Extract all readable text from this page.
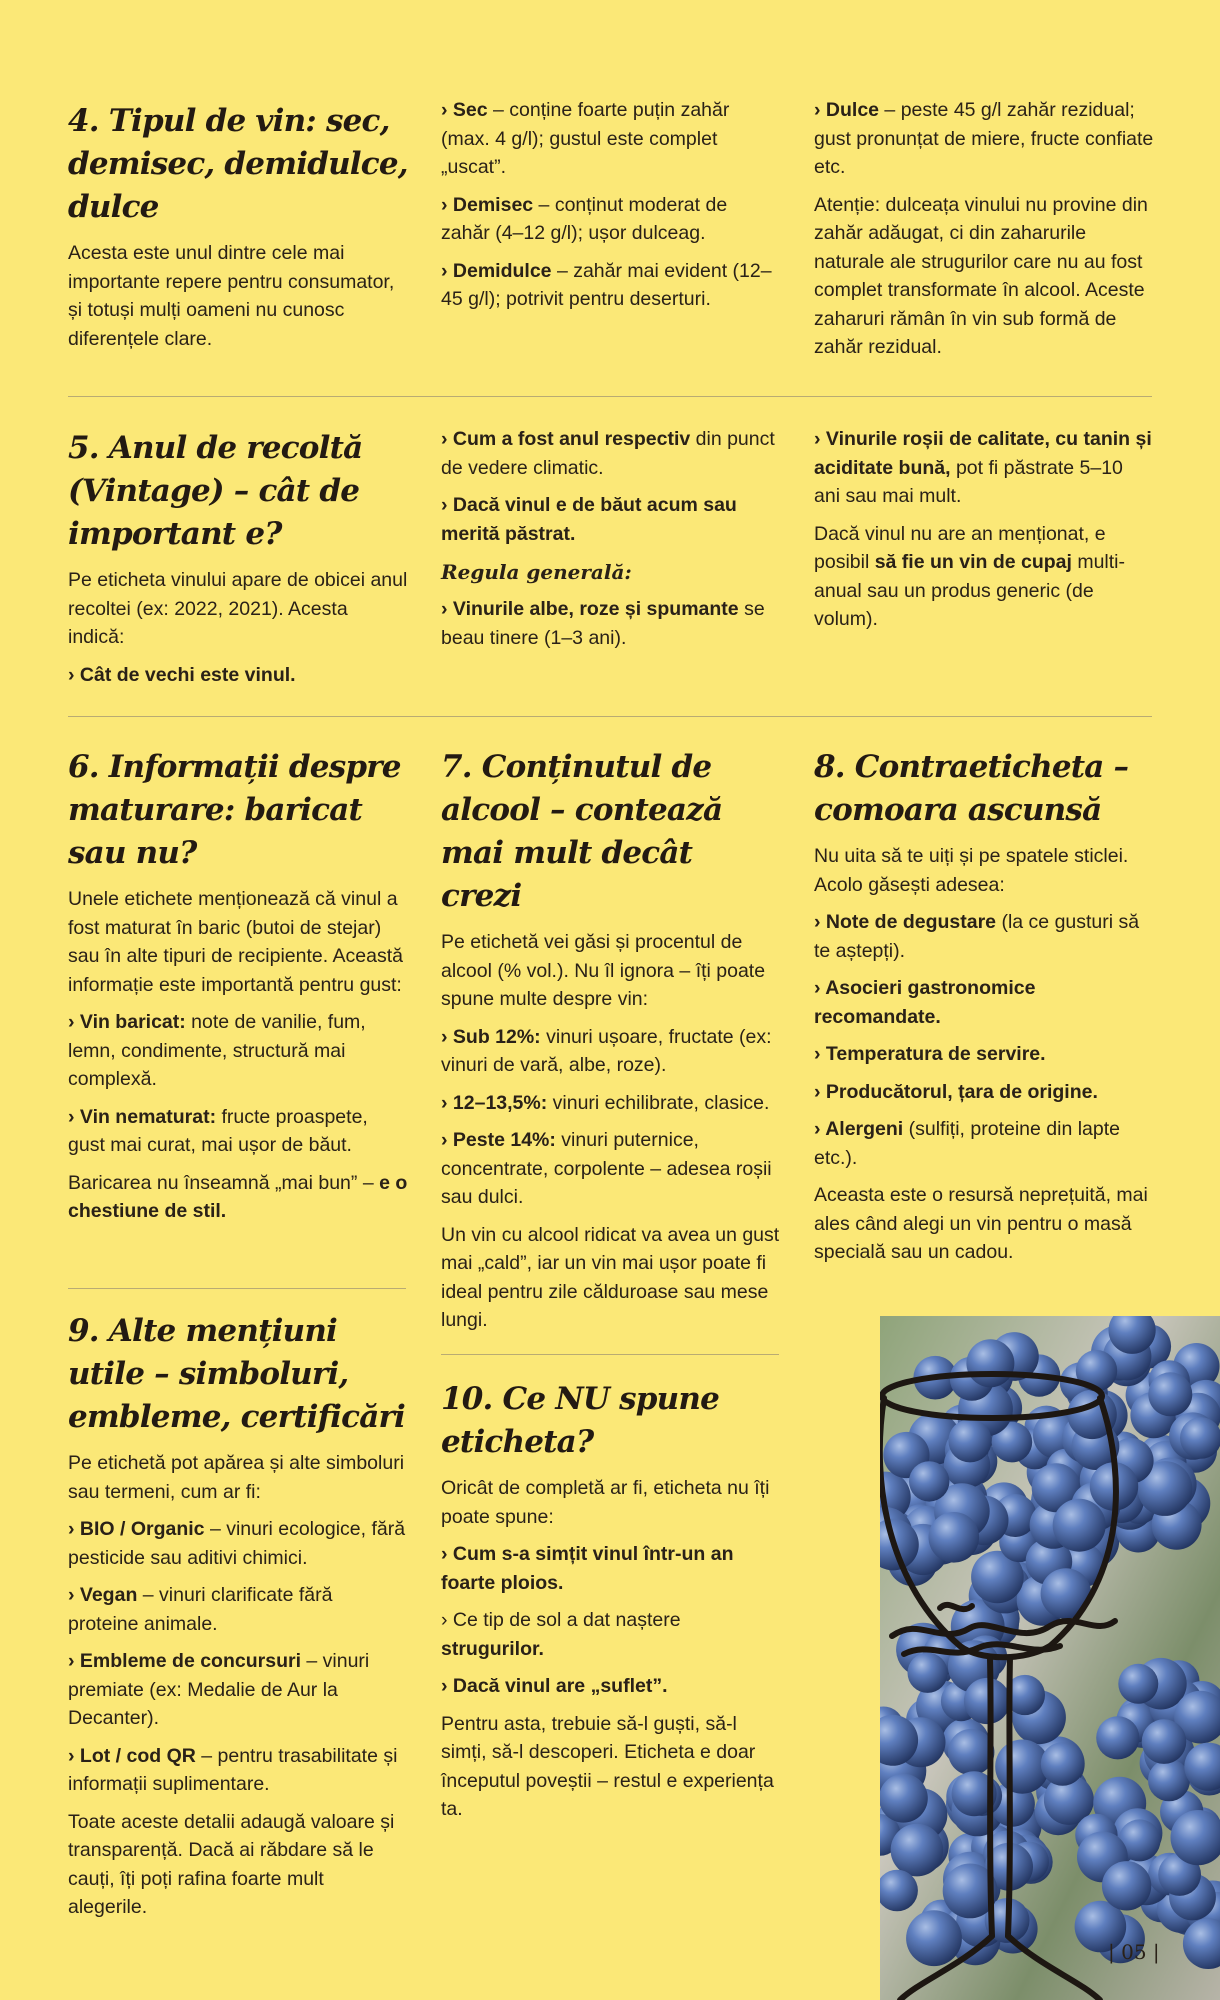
4. Tipul de vin: sec, demisec, demidulce, dulce

Acesta este unul dintre cele mai importante repere pentru consumator, și totuși mulți oameni nu cunosc diferențele clare.

› Sec – conține foarte puțin zahăr (max. 4 g/l); gustul este complet „uscat”.

› Demisec – conținut moderat de zahăr (4–12 g/l); ușor dulceag.

› Demidulce – zahăr mai evident (12–45 g/l); potrivit pentru deserturi.

› Dulce – peste 45 g/l zahăr rezidual; gust pronunțat de miere, fructe confiate etc.

Atenție: dulceața vinului nu provine din zahăr adăugat, ci din zaharurile naturale ale strugurilor care nu au fost complet transformate în alcool. Aceste zaharuri rămân în vin sub formă de zahăr rezidual.

5. Anul de recoltă (Vintage) – cât de important e?

Pe eticheta vinului apare de obicei anul recoltei (ex: 2022, 2021). Acesta indică:

› Cât de vechi este vinul.

› Cum a fost anul respectiv din punct de vedere climatic.

› Dacă vinul e de băut acum sau merită păstrat.

Regula generală:

› Vinurile albe, roze și spumante se beau tinere (1–3 ani).

› Vinurile roșii de calitate, cu tanin și aciditate bună, pot fi păstrate 5–10 ani sau mai mult.

Dacă vinul nu are an menționat, e posibil să fie un vin de cupaj multi-anual sau un produs generic (de volum).

6. Informații despre maturare: baricat sau nu?

Unele etichete menționează că vinul a fost maturat în baric (butoi de stejar) sau în alte tipuri de recipiente. Această informație este importantă pentru gust:

› Vin baricat: note de vanilie, fum, lemn, condimente, structură mai complexă.

› Vin nematurat: fructe proaspete, gust mai curat, mai ușor de băut.

Baricarea nu înseamnă „mai bun” – e o chestiune de stil.

7. Conținutul de alcool – contează mai mult decât crezi

Pe etichetă vei găsi și procentul de alcool (% vol.). Nu îl ignora – îți poate spune multe despre vin:

› Sub 12%: vinuri ușoare, fructate (ex: vinuri de vară, albe, roze).

› 12–13,5%: vinuri echilibrate, clasice.

› Peste 14%: vinuri puternice, concentrate, corpolente – adesea roșii sau dulci.

Un vin cu alcool ridicat va avea un gust mai „cald”, iar un vin mai ușor poate fi ideal pentru zile călduroase sau mese lungi.

8. Contraeticheta – comoara ascunsă

Nu uita să te uiți și pe spatele sticlei. Acolo găsești adesea:

› Note de degustare (la ce gusturi să te aștepți).

› Asocieri gastronomice recomandate.

› Temperatura de servire.

› Producătorul, țara de origine.

› Alergeni (sulfiți, proteine din lapte etc.).

Aceasta este o resursă neprețuită, mai ales când alegi un vin pentru o masă specială sau un cadou.

9. Alte mențiuni utile – simboluri, embleme, certificări

Pe etichetă pot apărea și alte simboluri sau termeni, cum ar fi:

› BIO / Organic – vinuri ecologice, fără pesticide sau aditivi chimici.

› Vegan – vinuri clarificate fără proteine animale.

› Embleme de concursuri – vinuri premiate (ex: Medalie de Aur la Decanter).

› Lot / cod QR – pentru trasabilitate și informații suplimentare.

Toate aceste detalii adaugă valoare și transparență. Dacă ai răbdare să le cauți, îți poți rafina foarte mult alegerile.

10. Ce NU spune eticheta?

Oricât de completă ar fi, eticheta nu îți poate spune:

› Cum s-a simțit vinul într-un an foarte ploios.

› Ce tip de sol a dat naștere strugurilor.

› Dacă vinul are „suflet”.

Pentru asta, trebuie să-l guști, să-l simți, să-l descoperi. Eticheta e doar începutul poveștii – restul e experiența ta.

| 05 |
